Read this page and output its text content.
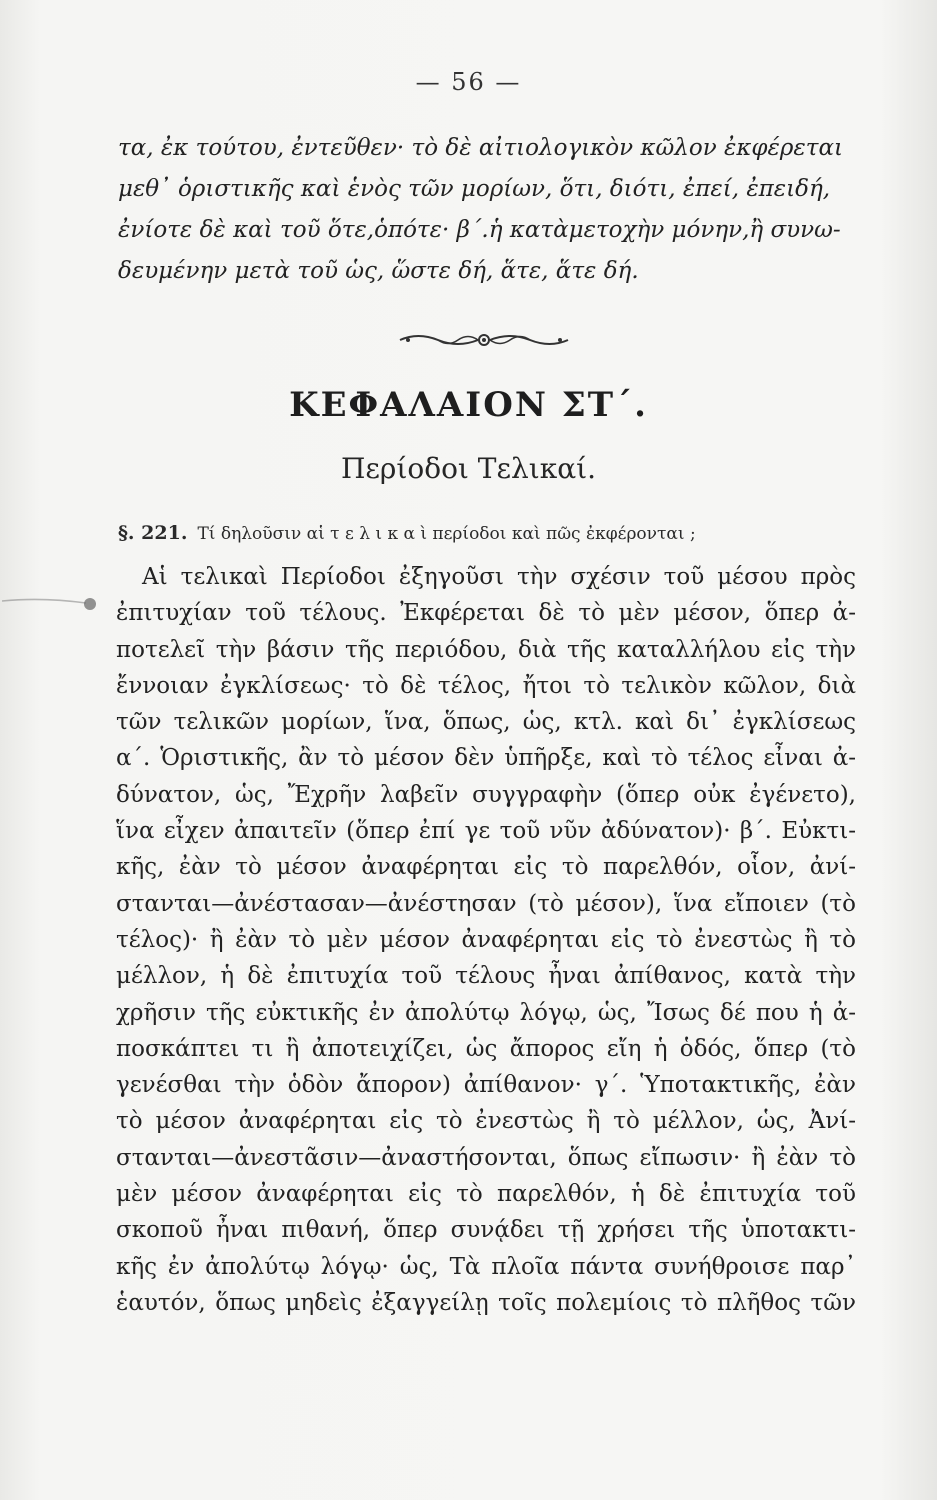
— 56 —
τα, ἐκ τούτου, ἐντεῦθεν· τὸ δὲ αἰτιολογικὸν κῶλον ἐκφέρεται
μεθ᾽ ὁριστικῆς καὶ ἑνὸς τῶν μορίων, ὅτι, διότι, ἐπεί, ἐπειδή,
ἐνίοτε δὲ καὶ τοῦ ὅτε,ὁπότε· β΄.ἡ κατὰμετοχὴν μόνην,ἢ συνω-
δευμένην μετὰ τοῦ ὡς, ὥστε δή, ἅτε, ἅτε δή.
ΚΕΦΑΛΑΙΟΝ ΣΤ΄.
Περίοδοι Τελικαί.
§. 221. Τί δηλοῦσιν αἱ τ ε λ ι κ α ὶ περίοδοι καὶ πῶς ἐκφέρονται ;
Αἱ τελικαὶ Περίοδοι ἐξηγοῦσι τὴν σχέσιν τοῦ μέσου πρὸς
ἐπιτυχίαν τοῦ τέλους. Ἐκφέρεται δὲ τὸ μὲν μέσον, ὅπερ ἀ-
ποτελεῖ τὴν βάσιν τῆς περιόδου, διὰ τῆς καταλλήλου εἰς τὴν
ἔννοιαν ἐγκλίσεως· τὸ δὲ τέλος, ἤτοι τὸ τελικὸν κῶλον, διὰ
τῶν τελικῶν μορίων, ἵνα, ὅπως, ὡς, κτλ. καὶ δι᾽ ἐγκλίσεως
α΄. Ὁριστικῆς, ἂν τὸ μέσον δὲν ὑπῆρξε, καὶ τὸ τέλος εἶναι ἀ-
δύνατον, ὡς, Ἔχρῆν λαβεῖν συγγραφὴν (ὅπερ οὐκ ἐγένετο),
ἵνα εἶχεν ἀπαιτεῖν (ὅπερ ἐπί γε τοῦ νῦν ἀδύνατον)· β΄. Εὐκτι-
κῆς, ἐὰν τὸ μέσον ἀναφέρηται εἰς τὸ παρελθόν, οἷον, ἀνί-
στανται—ἀνέστασαν—ἀνέστησαν (τὸ μέσον), ἵνα εἴποιεν (τὸ
τέλος)· ἢ ἐὰν τὸ μὲν μέσον ἀναφέρηται εἰς τὸ ἐνεστὼς ἢ τὸ
μέλλον, ἡ δὲ ἐπιτυχία τοῦ τέλους ἦναι ἀπίθανος, κατὰ τὴν
χρῆσιν τῆς εὐκτικῆς ἐν ἀπολύτῳ λόγῳ, ὡς, Ἴσως δέ που ἡ ἀ-
ποσκάπτει τι ἢ ἀποτειχίζει, ὡς ἄπορος εἴη ἡ ὁδός, ὅπερ (τὸ
γενέσθαι τὴν ὁδὸν ἄπορον) ἀπίθανον· γ΄. Ὑποτακτικῆς, ἐὰν
τὸ μέσον ἀναφέρηται εἰς τὸ ἐνεστὼς ἢ τὸ μέλλον, ὡς, Ἀνί-
στανται—ἀνεστᾶσιν—ἀναστήσονται, ὅπως εἴπωσιν· ἢ ἐὰν τὸ
μὲν μέσον ἀναφέρηται εἰς τὸ παρελθόν, ἡ δὲ ἐπιτυχία τοῦ
σκοποῦ ἦναι πιθανή, ὅπερ συνᾴδει τῇ χρήσει τῆς ὑποτακτι-
κῆς ἐν ἀπολύτῳ λόγῳ· ὡς, Τὰ πλοῖα πάντα συνήθροισε παρ᾽
ἑαυτόν, ὅπως μηδεὶς ἐξαγγείλῃ τοῖς πολεμίοις τὸ πλῆθος τῶν
